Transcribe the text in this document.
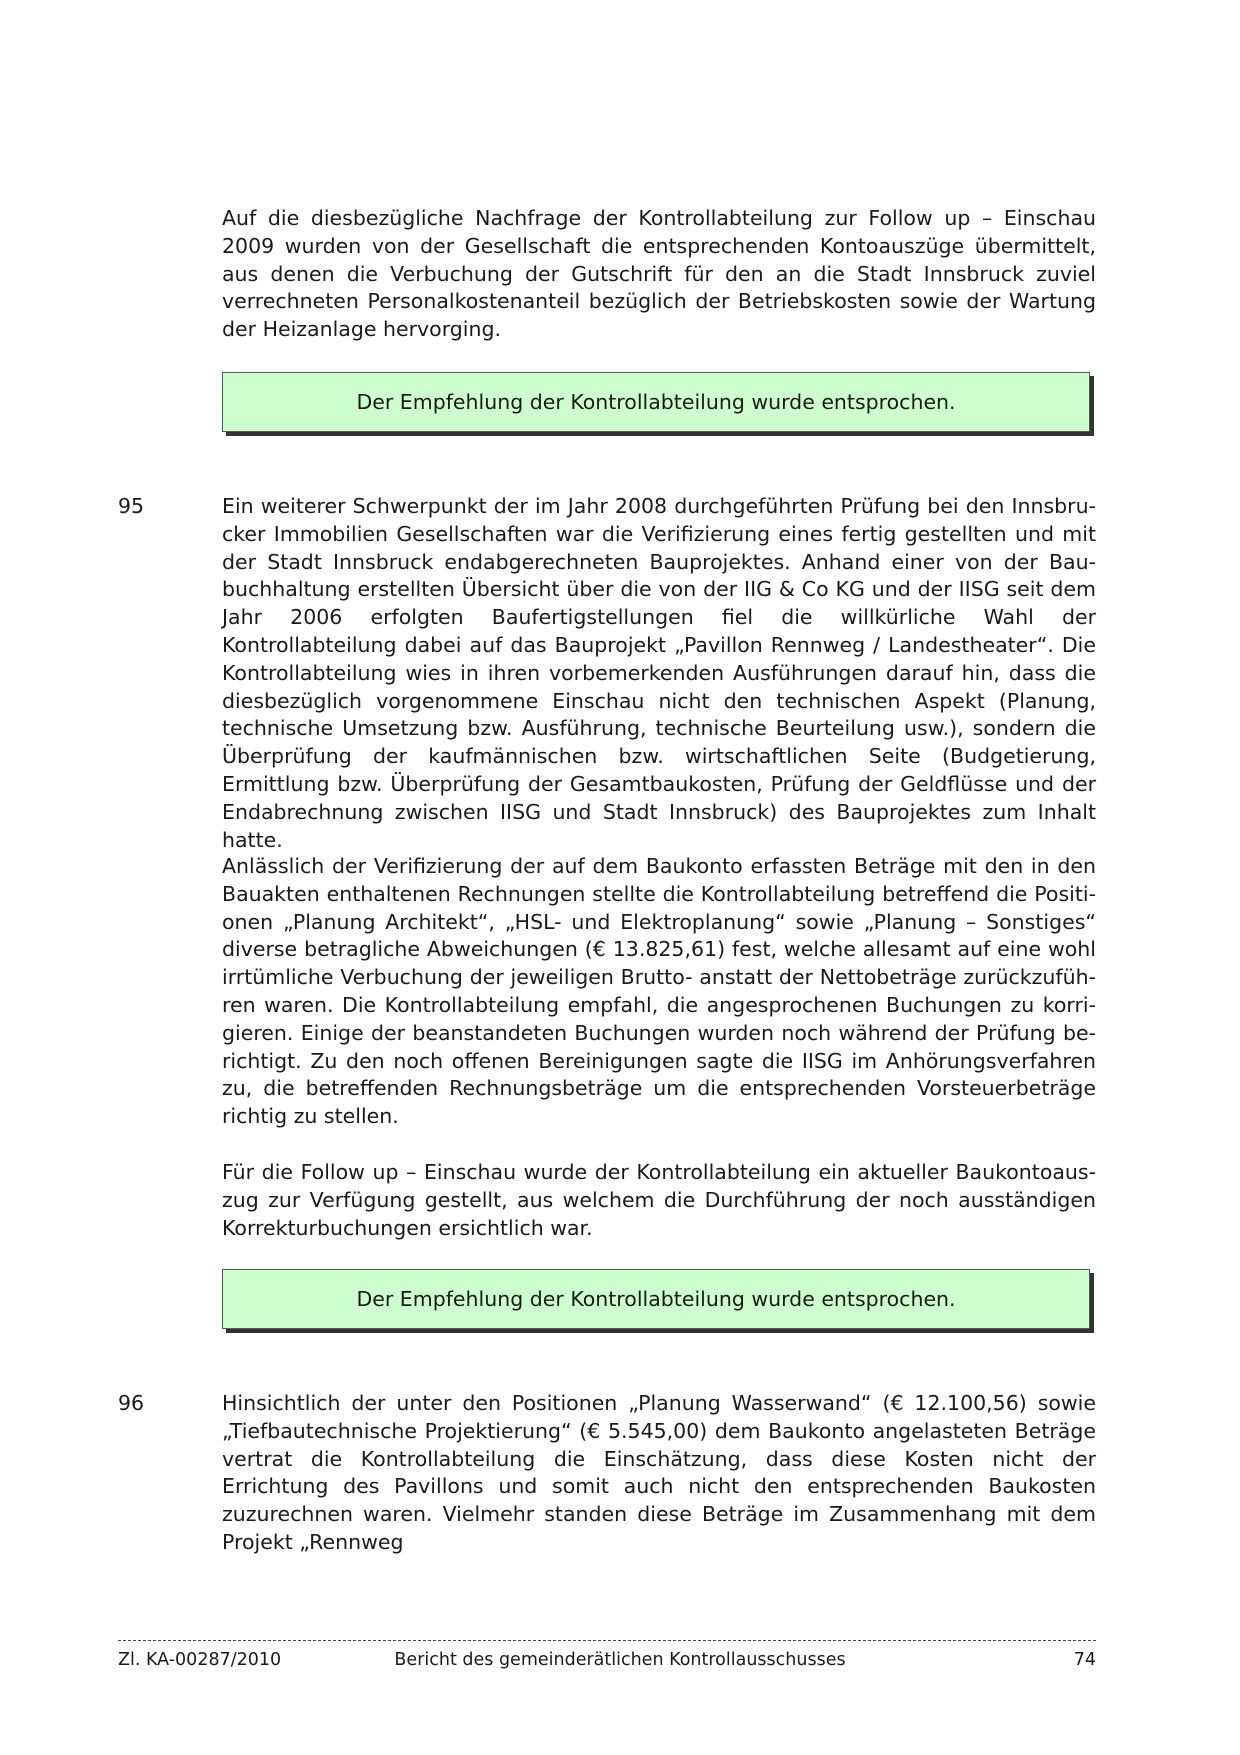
Auf die diesbezügliche Nachfrage der Kontrollabteilung zur Follow up – Einschau 2009 wurden von der Gesellschaft die entsprechenden Kontoauszüge übermittelt, aus denen die Verbuchung der Gutschrift für den an die Stadt Innsbruck zuviel verrechneten Personalkostenanteil bezüglich der Betriebskosten sowie der Wartung der Heizanlage hervorging.

Der Empfehlung der Kontrollabteilung wurde entsprochen.

95	Ein weiterer Schwerpunkt der im Jahr 2008 durchgeführten Prüfung bei den Innsbrucker Immobilien Gesellschaften war die Verifizierung eines fertig gestellten und mit der Stadt Innsbruck endabgerechneten Bauprojektes. Anhand einer von der Baubuchhaltung erstellten Übersicht über die von der IIG & Co KG und der IISG seit dem Jahr 2006 erfolgten Baufertigstellungen fiel die willkürliche Wahl der Kontrollabteilung dabei auf das Bauprojekt „Pavillon Rennweg / Landestheater“. Die Kontrollabteilung wies in ihren vorbemerkenden Ausführungen darauf hin, dass die diesbezüglich vorgenommene Einschau nicht den technischen Aspekt (Planung, technische Umsetzung bzw. Ausführung, technische Beurteilung usw.), sondern die Überprüfung der kaufmännischen bzw. wirtschaftlichen Seite (Budgetierung, Ermittlung bzw. Überprüfung der Gesamtbaukosten, Prüfung der Geldflüsse und der Endabrechnung zwischen IISG und Stadt Innsbruck) des Bauprojektes zum Inhalt hatte.

Anlässlich der Verifizierung der auf dem Baukonto erfassten Beträge mit den in den Bauakten enthaltenen Rechnungen stellte die Kontrollabteilung betreffend die Positionen „Planung Architekt“, „HSL- und Elektroplanung“ sowie „Planung – Sonstiges“ diverse betragliche Abweichungen (€ 13.825,61) fest, welche allesamt auf eine wohl irrtümliche Verbuchung der jeweiligen Brutto- anstatt der Nettobeträge zurückzuführen waren. Die Kontrollabteilung empfahl, die angesprochenen Buchungen zu korrigieren. Einige der beanstandeten Buchungen wurden noch während der Prüfung berichtigt. Zu den noch offenen Bereinigungen sagte die IISG im Anhörungsverfahren zu, die betreffenden Rechnungsbeträge um die entsprechenden Vorsteuerbeträge richtig zu stellen.

Für die Follow up – Einschau wurde der Kontrollabteilung ein aktueller Baukontoauszug zur Verfügung gestellt, aus welchem die Durchführung der noch ausständigen Korrekturbuchungen ersichtlich war.

Der Empfehlung der Kontrollabteilung wurde entsprochen.

96	Hinsichtlich der unter den Positionen „Planung Wasserwand“ (€ 12.100,56) sowie „Tiefbautechnische Projektierung“ (€ 5.545,00) dem Baukonto angelasteten Beträge vertrat die Kontrollabteilung die Einschätzung, dass diese Kosten nicht der Errichtung des Pavillons und somit auch nicht den entsprechenden Baukosten zuzurechnen waren. Vielmehr standen diese Beträge im Zusammenhang mit dem Projekt „Rennweg

Zl. KA-00287/2010	Bericht des gemeinderätlichen Kontrollausschusses	74
